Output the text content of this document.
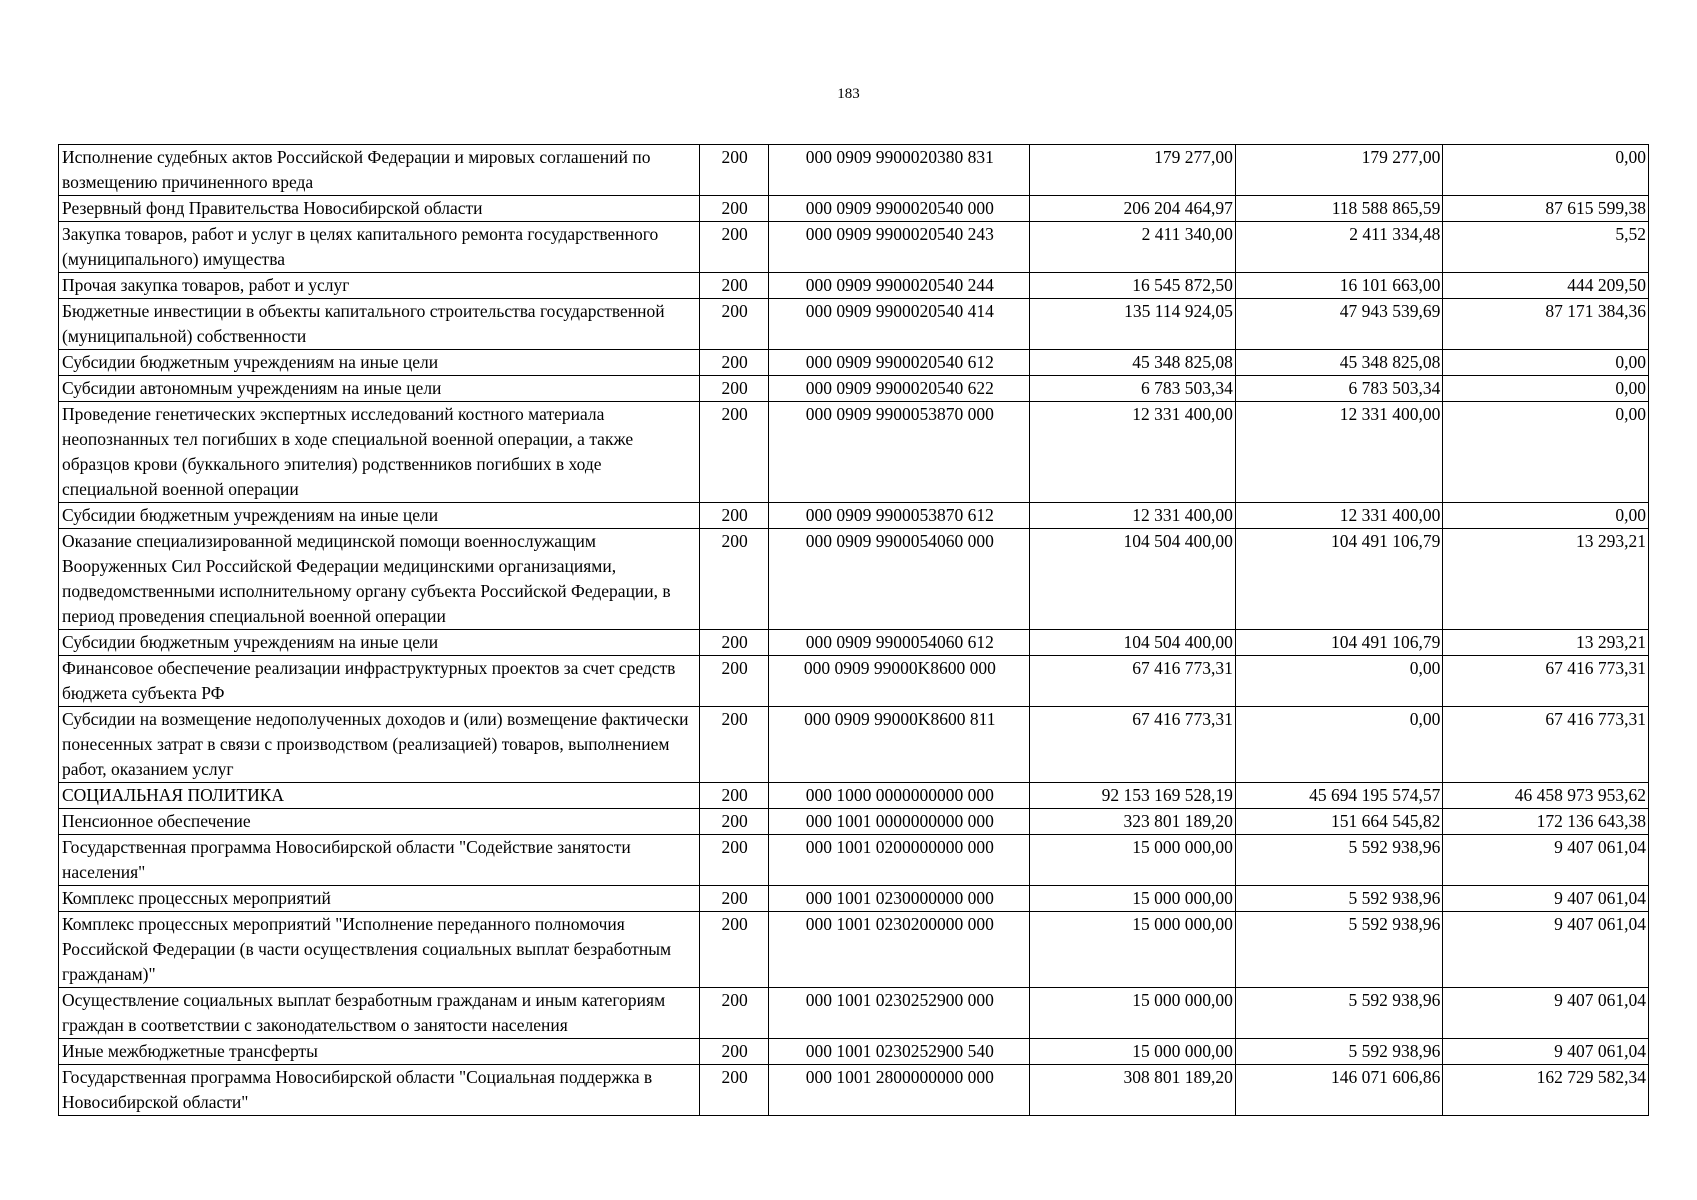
183
Исполнение судебных актов Российской Федерации и мировых соглашений по возмещению причиненного вреда	200	000 0909 9900020380 831	179 277,00	179 277,00	0,00
Резервный фонд Правительства Новосибирской области	200	000 0909 9900020540 000	206 204 464,97	118 588 865,59	87 615 599,38
Закупка товаров, работ и услуг в целях капитального ремонта государственного (муниципального) имущества	200	000 0909 9900020540 243	2 411 340,00	2 411 334,48	5,52
Прочая закупка товаров, работ и услуг	200	000 0909 9900020540 244	16 545 872,50	16 101 663,00	444 209,50
Бюджетные инвестиции в объекты капитального строительства государственной (муниципальной) собственности	200	000 0909 9900020540 414	135 114 924,05	47 943 539,69	87 171 384,36
Субсидии бюджетным учреждениям на иные цели	200	000 0909 9900020540 612	45 348 825,08	45 348 825,08	0,00
Субсидии автономным учреждениям на иные цели	200	000 0909 9900020540 622	6 783 503,34	6 783 503,34	0,00
Проведение генетических экспертных исследований костного материала неопознанных тел погибших в ходе специальной военной операции, а также образцов крови (буккального эпителия) родственников погибших в ходе специальной военной операции	200	000 0909 9900053870 000	12 331 400,00	12 331 400,00	0,00
Субсидии бюджетным учреждениям на иные цели	200	000 0909 9900053870 612	12 331 400,00	12 331 400,00	0,00
Оказание специализированной медицинской помощи военнослужащим Вооруженных Сил Российской Федерации медицинскими организациями, подведомственными исполнительному органу субъекта Российской Федерации, в период проведения специальной военной операции	200	000 0909 9900054060 000	104 504 400,00	104 491 106,79	13 293,21
Субсидии бюджетным учреждениям на иные цели	200	000 0909 9900054060 612	104 504 400,00	104 491 106,79	13 293,21
Финансовое обеспечение реализации инфраструктурных проектов за счет средств бюджета субъекта РФ	200	000 0909 99000K8600 000	67 416 773,31	0,00	67 416 773,31
Субсидии на возмещение недополученных доходов и (или) возмещение фактически понесенных затрат в связи с производством (реализацией) товаров, выполнением работ, оказанием услуг	200	000 0909 99000K8600 811	67 416 773,31	0,00	67 416 773,31
СОЦИАЛЬНАЯ ПОЛИТИКА	200	000 1000 0000000000 000	92 153 169 528,19	45 694 195 574,57	46 458 973 953,62
Пенсионное обеспечение	200	000 1001 0000000000 000	323 801 189,20	151 664 545,82	172 136 643,38
Государственная программа Новосибирской области "Содействие занятости населения"	200	000 1001 0200000000 000	15 000 000,00	5 592 938,96	9 407 061,04
Комплекс процессных мероприятий	200	000 1001 0230000000 000	15 000 000,00	5 592 938,96	9 407 061,04
Комплекс процессных мероприятий "Исполнение переданного полномочия Российской Федерации (в части осуществления социальных выплат безработным гражданам)"	200	000 1001 0230200000 000	15 000 000,00	5 592 938,96	9 407 061,04
Осуществление социальных выплат безработным гражданам и иным категориям граждан в соответствии с законодательством о занятости населения	200	000 1001 0230252900 000	15 000 000,00	5 592 938,96	9 407 061,04
Иные межбюджетные трансферты	200	000 1001 0230252900 540	15 000 000,00	5 592 938,96	9 407 061,04
Государственная программа Новосибирской области "Социальная поддержка в Новосибирской области"	200	000 1001 2800000000 000	308 801 189,20	146 071 606,86	162 729 582,34
